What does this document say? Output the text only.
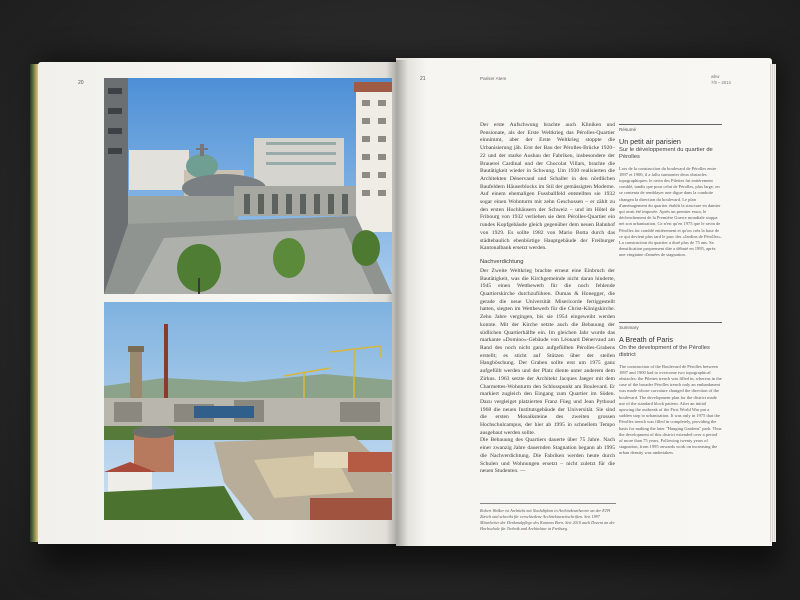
20
21	Pariser Atem	wbw
7/8 – 2014

Der erste Aufschwung brachte auch Kliniken und Pensionate, als der Erste Weltkrieg das Pérolles-Quartier einnimmt, aber der Erste Weltkrieg stoppte die Urbanisierung jäh. Erst der Bau der Pérolles-Brücke 1920–22 und der starke Ausbau der Fabriken, insbesondere der Brauerei Cardinal und der Chocolat Villars, brachte die Bautätigkeit wieder in Schwung. Um 1930 realisierten die Architekten Dénervaud und Schaller in den nördlichen Baufeldern Häuserblocks im Stil der gemässigten Moderne. Auf einem ehemaligen Fussballfeld entstellten sie 1932 sogar einen Wohnturm mit zehn Geschossen – er zählt zu den ersten Hochhäusern der Schweiz – und im Hôtel de Fribourg von 1932 verliehen sie dem Pérolles-Quartier ein rundes Kopfgebäude gleich gegenüber dem neuen Bahnhof von 1929. Es sollte 1982 von Mario Botta durch das städtebaulich ebenbürtige Hauptgebäude der Freiburger Kantonalbank ersetzt werden.

Nachverdichtung

Der Zweite Weltkrieg brachte erneut eine Einbruch der Bautätigkeit, was die Kirchgemeinde nicht daran hinderte, 1945 einen Wettbewerb für die noch fehlende Quartierskirche durchzuführen. Dumas & Honegger, die gerade die neue Universität Misericorde fertiggestellt hatten, siegten im Wettbewerb für die Christ-Königskirche. Zehn Jahre vergingen, bis sie 1954 eingeweiht werden konnte. Mit der Kirche setzte auch die Bebauung der südlichen Quartierhälfte ein. Im gleichen Jahr wurde das markante «Domino»-Gebäude von Léonard Dénervaud am Rand des noch nicht ganz aufgefüllten Pérolles-Grabens erstellt; es sticht auf Stützen über der steilen Hangböschung. Der Graben sollte erst um 1975 ganz aufgefüllt werden und der Platz diente unter anderem dem Zirkus. 1963 setzte der Architekt Jacques Jaeger mit dem Charmettes-Wohnturm den Schlusspunkt am Boulevard. Er markiert zugleich den Eingang zum Quartier im Süden. Dazu vergleiget platzierten Franz Füeg und Jean Pythoud 1968 die neuen Institutsgebäude der Universität. Sie sind die ersten Mosaiksteine des zweiten grossen Hochschulcampus, der hier ab 1995 in schnellem Tempo ausgebaut werden sollte.

Die Bebauung des Quartiers dauerte über 75 Jahre. Nach einer zwanzig Jahre dauernden Stagnation begann ab 1995 die Nachverdichtung. Die Fabriken werden heute durch Schulen und Wohnungen ersetzt – nicht zuletzt für die neuen Studenten. —

Robert Walker ist Architekt mit Nachdiplom in Architekturtheorie an der ETH Zürich und schreibt für verschiedene Architekturzeitschriften. Seit 1997 Mitarbeiter der Denkmalpflege des Kantons Bern. Seit 2010 auch Dozent an der Hochschule für Technik und Architektur in Freiburg.
Résumé

Un petit air parisien

Sur le développement du quartier de Pérolles

Lors de la construction du boulevard de Pérolles entre 1897 et 1900, il a fallu surmonter deux obstacles topographiques: le ravin des Pilettes fut entièrement comblé, tandis que pour celui de Pérolles, plus large, on se contenta de remblayer une digue dans la conduite changea la direction du boulevard. Le plan d'aménagement du quartier établit la structure en damier qui avait été imposée. Après un premier essor, le déclenchement de la Première Guerre mondiale stoppa net son urbanisation. Ce n'est qu'en 1975 que le ravin de Pérolles fut comblé entièrement et qu'on créa la base de ce qui devient plus tard le parc des «Jardins de Pérolles». La construction du quartier a duré plus de 75 ans. Sa densification proprement dite a débuté en 1995, après une vingtaine d'années de stagnation.

Summary

A Breath of Paris

On the development of the Pérolles district

The construction of the Boulevard de Pérolles between 1897 and 1900 had to overcome two topographical obstacles: the Pilettes trench was filled in, whereas in the case of the broader Pérolles trench only an embankment was made whose curvature changed the direction of the boulevard. The development plan for the district made use of the standard block pattern. After an initial upswing the outbreak of the First World War put a sudden stop to urbanisation. It was only in 1975 that the Pérolles trench was filled in completely, providing the basis for making the later "Hanging Gardens" park. Thus the development of this district extended over a period of more than 75 years. Following twenty years of stagnation, from 1995 onwards work on increasing the urban density was undertaken.
